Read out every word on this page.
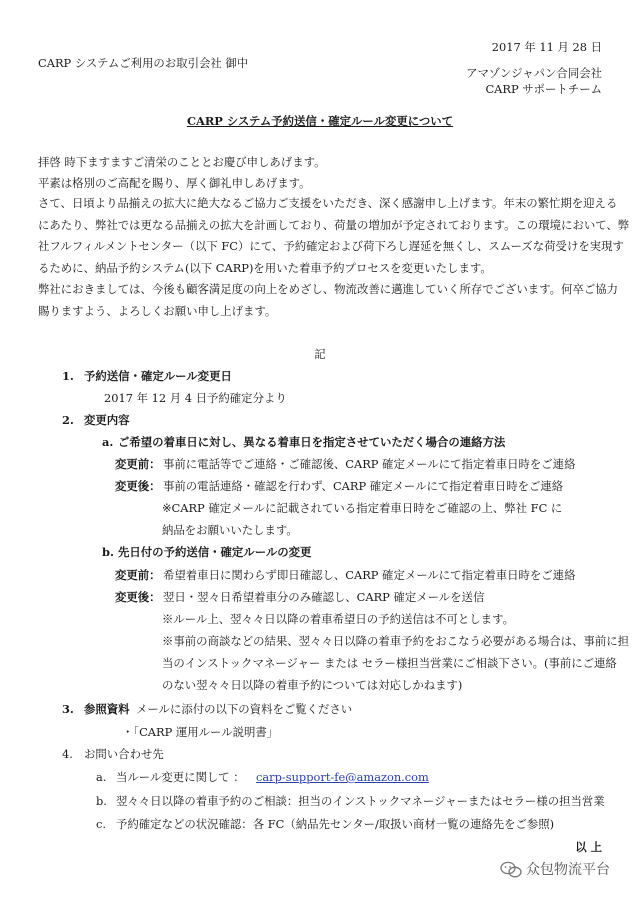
2017 年 11 月 28 日
CARP システムご利用のお取引会社 御中
アマゾンジャパン合同会社
CARP サポートチーム
CARP システム予約送信・確定ルール変更について
拝啓 時下ますますご清栄のこととお慶び申しあげます。
平素は格別のご高配を賜り、厚く御礼申しあげます。
さて、日頃より品揃えの拡大に絶大なるご協力ご支援をいただき、深く感謝申し上げます。年末の繁忙期を迎える
にあたり、弊社では更なる品揃えの拡大を計画しており、荷量の増加が予定されております。この環境において、弊
社フルフィルメントセンター（以下 FC）にて、予約確定および荷下ろし遅延を無くし、スムーズな荷受けを実現す
るために、納品予約システム(以下 CARP)を用いた着車予約プロセスを変更いたします。
弊社におきましては、今後も顧客満足度の向上をめざし、物流改善に邁進していく所存でございます。何卒ご協力
賜りますよう、よろしくお願い申し上げます。
記
1. 予約送信・確定ルール変更日
2017 年 12 月 4 日予約確定分より
2. 変更内容
a. ご希望の着車日に対し、異なる着車日を指定させていただく場合の連絡方法
変更前： 事前に電話等でご連絡・ご確認後、CARP 確定メールにて指定着車日時をご連絡
変更後： 事前の電話連絡・確認を行わず、CARP 確定メールにて指定着車日時をご連絡
※CARP 確定メールに記載されている指定着車日時をご確認の上、弊社 FC に
納品をお願いいたします。
b. 先日付の予約送信・確定ルールの変更
変更前： 希望着車日に関わらず即日確認し、CARP 確定メールにて指定着車日時をご連絡
変更後： 翌日・翌々日希望着車分のみ確認し、CARP 確定メールを送信
※ルール上、翌々々日以降の着車希望日の予約送信は不可とします。
※事前の商談などの結果、翌々々日以降の着車予約をおこなう必要がある場合は、事前に担
当のインストックマネージャー または セラー様担当営業にご相談下さい。(事前にご連絡
のない翌々々日以降の着車予約については対応しかねます)
3. 参照資料 メールに添付の以下の資料をご覧ください
・「CARP 運用ルール説明書」
4. お問い合わせ先
a. 当ルール変更に関して ： carp-support-fe@amazon.com
b. 翌々々日以降の着車予約のご相談：担当のインストックマネージャーまたはセラー様の担当営業
c. 予約確定などの状況確認：各 FC（納品先センター/取扱い商材一覧の連絡先をご参照)
以 上
众包物流平台
